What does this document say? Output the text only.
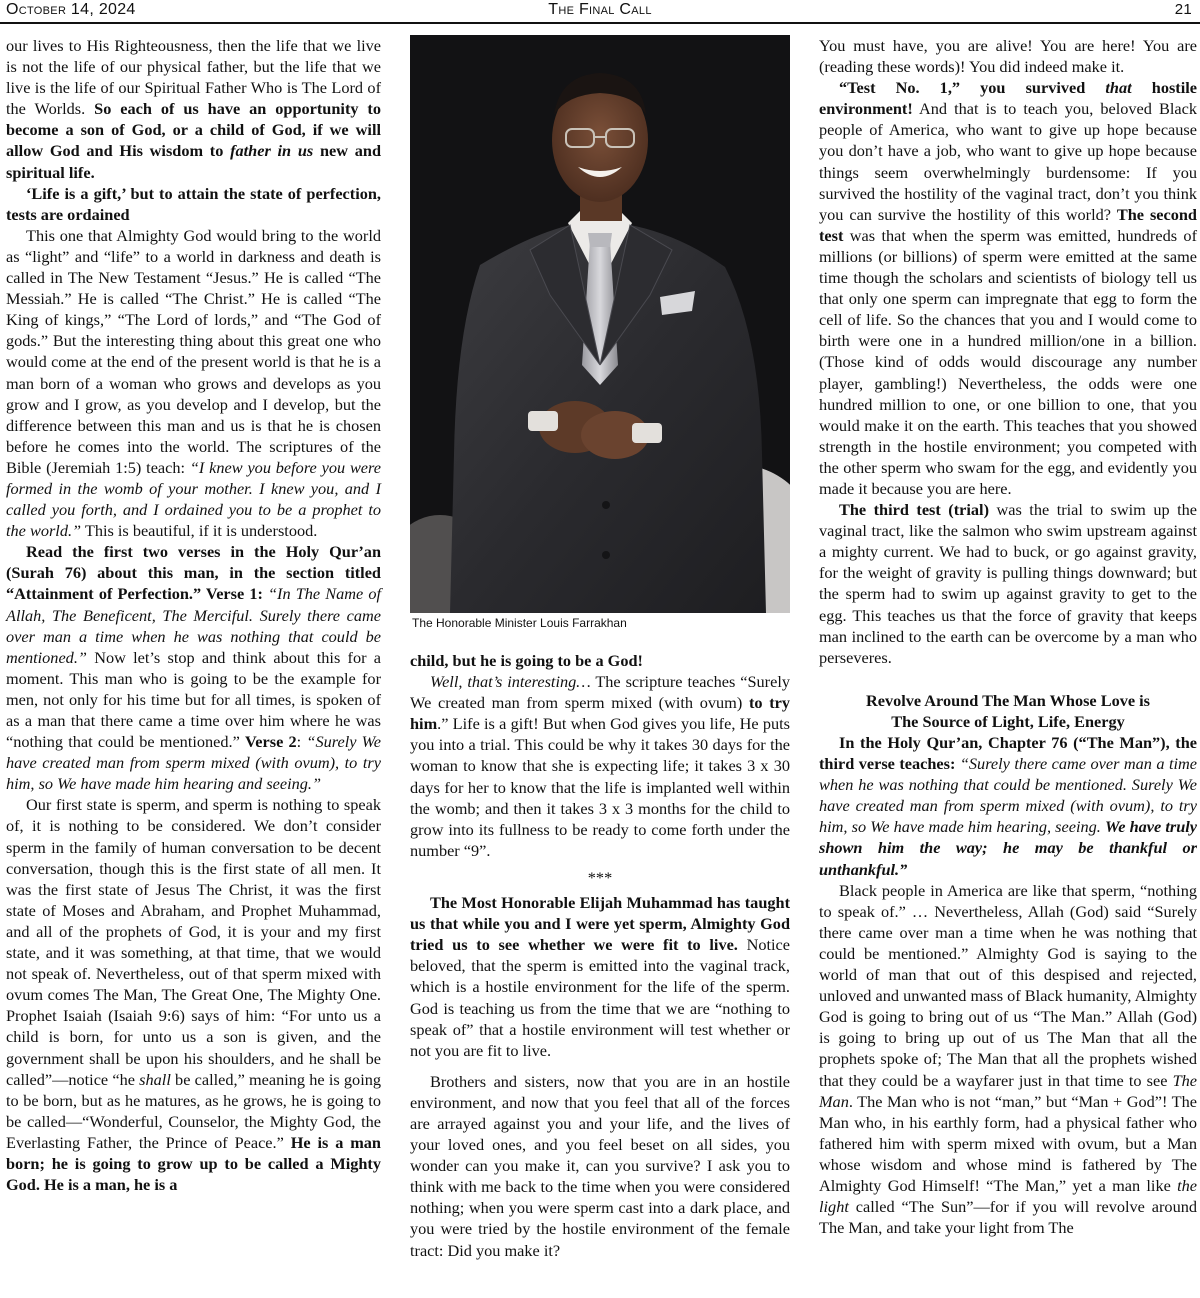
The Final Call
October 14, 2024	21

our lives to His Righteousness, then the life that we live is not the life of our physical father, but the life that we live is the life of our Spiritual Father Who is The Lord of the Worlds. So each of us have an opportunity to become a son of God, or a child of God, if we will allow God and His wisdom to father in us new and spiritual life.

‘Life is a gift,’ but to attain the state of perfection, tests are ordained

This one that Almighty God would bring to the world as “light” and “life” to a world in darkness and death is called in The New Testament “Jesus.” He is called “The Messiah.” He is called “The Christ.” He is called “The King of kings,” “The Lord of lords,” and “The God of gods.” But the interesting thing about this great one who would come at the end of the present world is that he is a man born of a woman who grows and develops as you grow and I grow, as you develop and I develop, but the difference between this man and us is that he is chosen before he comes into the world. The scriptures of the Bible (Jeremiah 1:5) teach: “I knew you before you were formed in the womb of your mother. I knew you, and I called you forth, and I ordained you to be a prophet to the world.” This is beautiful, if it is understood.

Read the first two verses in the Holy Qur’an (Surah 76) about this man, in the section titled “Attainment of Perfection.” Verse 1: “In The Name of Allah, The Beneficent, The Merciful. Surely there came over man a time when he was nothing that could be mentioned.” Now let’s stop and think about this for a moment. This man who is going to be the example for men, not only for his time but for all times, is spoken of as a man that there came a time over him where he was “nothing that could be mentioned.” Verse 2: “Surely We have created man from sperm mixed (with ovum), to try him, so We have made him hearing and seeing.”

Our first state is sperm, and sperm is nothing to speak of, it is nothing to be considered. We don’t consider sperm in the family of human conversation to be decent conversation, though this is the first state of all men. It was the first state of Jesus The Christ, it was the first state of Moses and Abraham, and Prophet Muhammad, and all of the prophets of God, it is your and my first state, and it was something, at that time, that we would not speak of. Nevertheless, out of that sperm mixed with ovum comes The Man, The Great One, The Mighty One. Prophet Isaiah (Isaiah 9:6) says of him: “For unto us a child is born, for unto us a son is given, and the government shall be upon his shoulders, and he shall be called”—notice “he shall be called,” meaning he is going to be born, but as he matures, as he grows, he is going to be called—“Wonderful, Counselor, the Mighty God, the Everlasting Father, the Prince of Peace.” He is a man born; he is going to grow up to be called a Mighty God. He is a man, he is a

The Honorable Minister Louis Farrakhan

child, but he is going to be a God!

Well, that’s interesting… The scripture teaches “Surely We created man from sperm mixed (with ovum) to try him.” Life is a gift! But when God gives you life, He puts you into a trial. This could be why it takes 30 days for the woman to know that she is expecting life; it takes 3 x 30 days for her to know that the life is implanted well within the womb; and then it takes 3 x 3 months for the child to grow into its fullness to be ready to come forth under the number “9”.

***

The Most Honorable Elijah Muhammad has taught us that while you and I were yet sperm, Almighty God tried us to see whether we were fit to live. Notice beloved, that the sperm is emitted into the vaginal track, which is a hostile environment for the life of the sperm. God is teaching us from the time that we are “nothing to speak of” that a hostile environment will test whether or not you are fit to live.

Brothers and sisters, now that you are in an hostile environment, and now that you feel that all of the forces are arrayed against you and your life, and the lives of your loved ones, and you feel beset on all sides, you wonder can you make it, can you survive? I ask you to think with me back to the time when you were considered nothing; when you were sperm cast into a dark place, and you were tried by the hostile environment of the female tract: Did you make it?

You must have, you are alive! You are here! You are (reading these words)! You did indeed make it.

“Test No. 1,” you survived that hostile environment! And that is to teach you, beloved Black people of America, who want to give up hope because you don’t have a job, who want to give up hope because things seem overwhelmingly burdensome: If you survived the hostility of the vaginal tract, don’t you think you can survive the hostility of this world? The second test was that when the sperm was emitted, hundreds of millions (or billions) of sperm were emitted at the same time though the scholars and scientists of biology tell us that only one sperm can impregnate that egg to form the cell of life. So the chances that you and I would come to birth were one in a hundred million/one in a billion. (Those kind of odds would discourage any number player, gambling!) Nevertheless, the odds were one hundred million to one, or one billion to one, that you would make it on the earth. This teaches that you showed strength in the hostile environment; you competed with the other sperm who swam for the egg, and evidently you made it because you are here.

The third test (trial) was the trial to swim up the vaginal tract, like the salmon who swim upstream against a mighty current. We had to buck, or go against gravity, for the weight of gravity is pulling things downward; but the sperm had to swim up against gravity to get to the egg. This teaches us that the force of gravity that keeps man inclined to the earth can be overcome by a man who perseveres.

Revolve Around The Man Whose Love is
The Source of Light, Life, Energy

In the Holy Qur’an, Chapter 76 (“The Man”), the third verse teaches: “Surely there came over man a time when he was nothing that could be mentioned. Surely We have created man from sperm mixed (with ovum), to try him, so We have made him hearing, seeing. We have truly shown him the way; he may be thankful or unthankful.”

Black people in America are like that sperm, “nothing to speak of.” … Nevertheless, Allah (God) said “Surely there came over man a time when he was nothing that could be mentioned.” Almighty God is saying to the world of man that out of this despised and rejected, unloved and unwanted mass of Black humanity, Almighty God is going to bring out of us “The Man.” Allah (God) is going to bring up out of us The Man that all the prophets spoke of; The Man that all the prophets wished that they could be a wayfarer just in that time to see The Man. The Man who is not “man,” but “Man + God”! The Man who, in his earthly form, had a physical father who fathered him with sperm mixed with ovum, but a Man whose wisdom and whose mind is fathered by The Almighty God Himself! “The Man,” yet a man like the light called “The Sun”—for if you will revolve around The Man, and take your light from The
